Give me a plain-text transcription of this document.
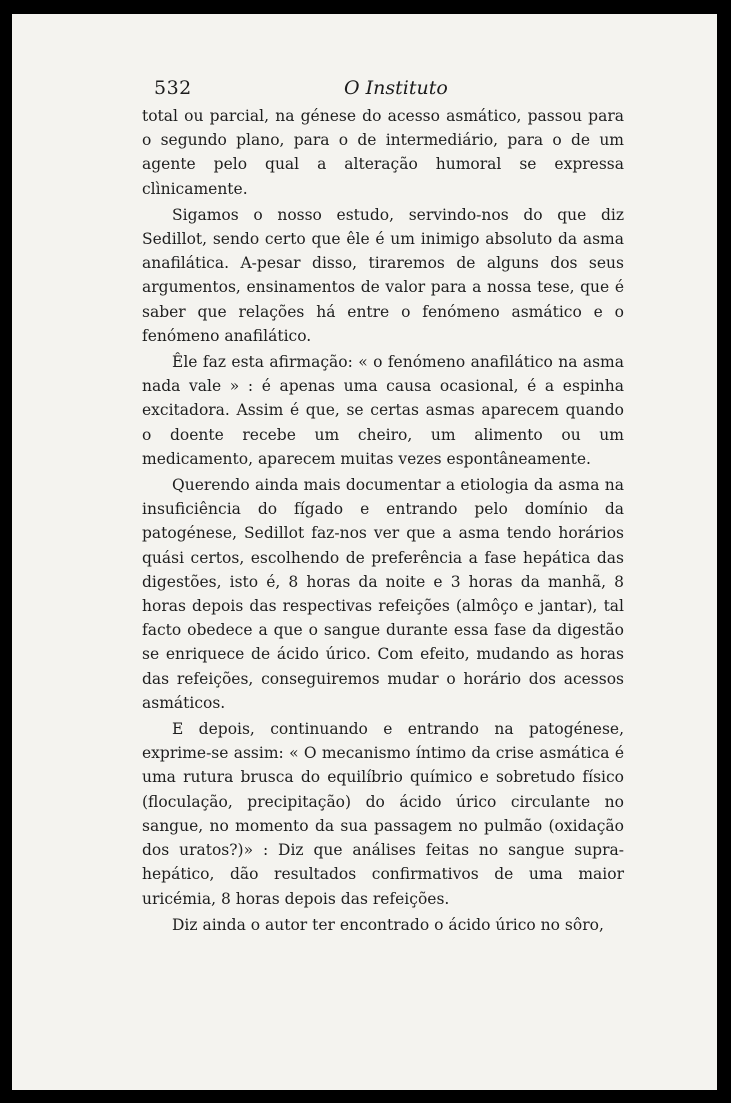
532	O Instituto

total ou parcial, na génese do acesso asmático, passou para o segundo plano, para o de intermediário, para o de um agente pelo qual a alteração humoral se expressa clìnicamente.

Sigamos o nosso estudo, servindo-nos do que diz Sedillot, sendo certo que êle é um inimigo absoluto da asma anafilática. A-pesar disso, tiraremos de alguns dos seus argumentos, ensinamentos de valor para a nossa tese, que é saber que relações há entre o fenómeno asmático e o fenómeno anafilático.

Êle faz esta afirmação: « o fenómeno anafilático na asma nada vale » : é apenas uma causa ocasional, é a espinha excitadora. Assim é que, se certas asmas aparecem quando o doente recebe um cheiro, um alimento ou um medicamento, aparecem muitas vezes espontâneamente.

Querendo ainda mais documentar a etiologia da asma na insuficiência do fígado e entrando pelo domínio da patogénese, Sedillot faz-nos ver que a asma tendo horários quási certos, escolhendo de preferência a fase hepática das digestões, isto é, 8 horas da noite e 3 horas da manhã, 8 horas depois das respectivas refeições (almôço e jantar), tal facto obedece a que o sangue durante essa fase da digestão se enriquece de ácido úrico. Com efeito, mudando as horas das refeições, conseguiremos mudar o horário dos acessos asmáticos.

E depois, continuando e entrando na patogénese, exprime-se assim: « O mecanismo íntimo da crise asmática é uma rutura brusca do equilíbrio químico e sobretudo físico (floculação, precipitação) do ácido úrico circulante no sangue, no momento da sua passagem no pulmão (oxidação dos uratos?)» : Diz que análises feitas no sangue supra-hepático, dão resultados confirmativos de uma maior uricémia, 8 horas depois das refeições.

Diz ainda o autor ter encontrado o ácido úrico no sôro,
